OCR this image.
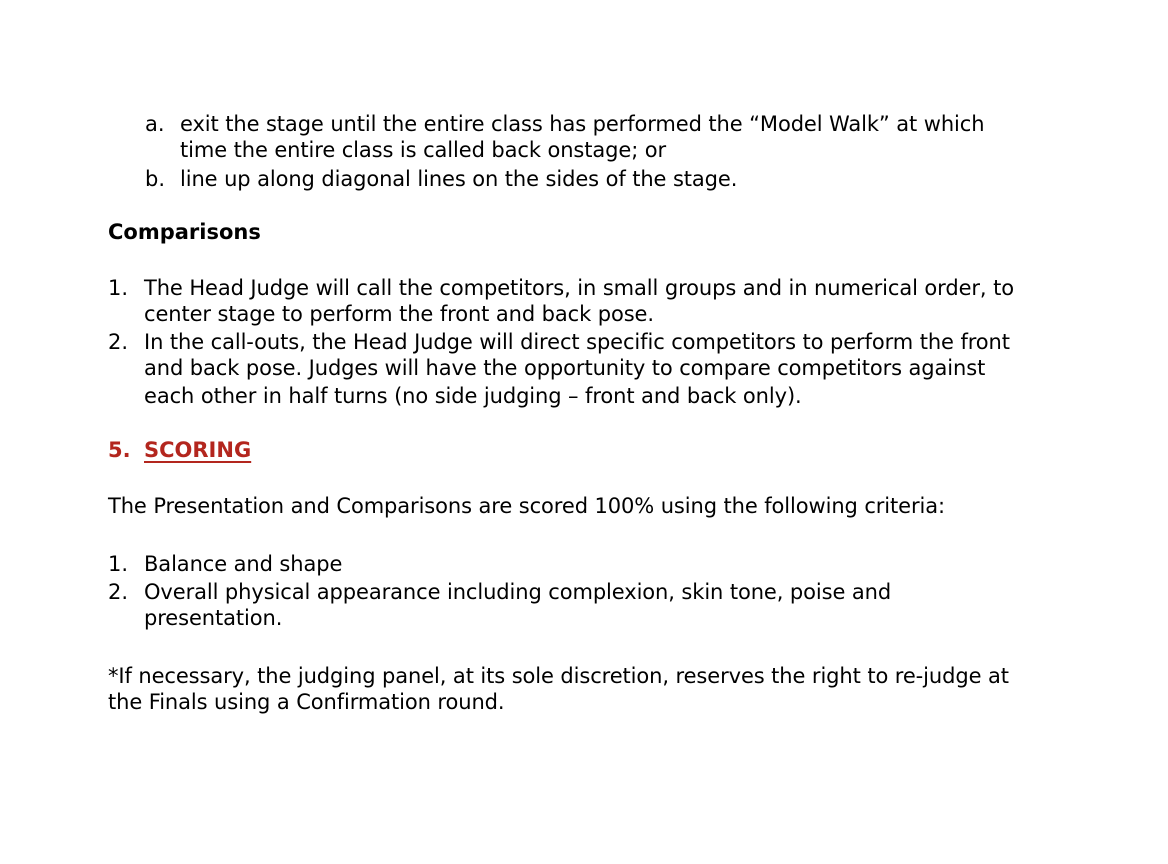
a. exit the stage until the entire class has performed the “Model Walk” at which
time the entire class is called back onstage; or
b. line up along diagonal lines on the sides of the stage.
Comparisons
1. The Head Judge will call the competitors, in small groups and in numerical order, to
center stage to perform the front and back pose.
2. In the call-outs, the Head Judge will direct specific competitors to perform the front
and back pose. Judges will have the opportunity to compare competitors against
each other in half turns (no side judging – front and back only).
5. SCORING
The Presentation and Comparisons are scored 100% using the following criteria:
1. Balance and shape
2. Overall physical appearance including complexion, skin tone, poise and
presentation.
*If necessary, the judging panel, at its sole discretion, reserves the right to re-judge at
the Finals using a Confirmation round.
